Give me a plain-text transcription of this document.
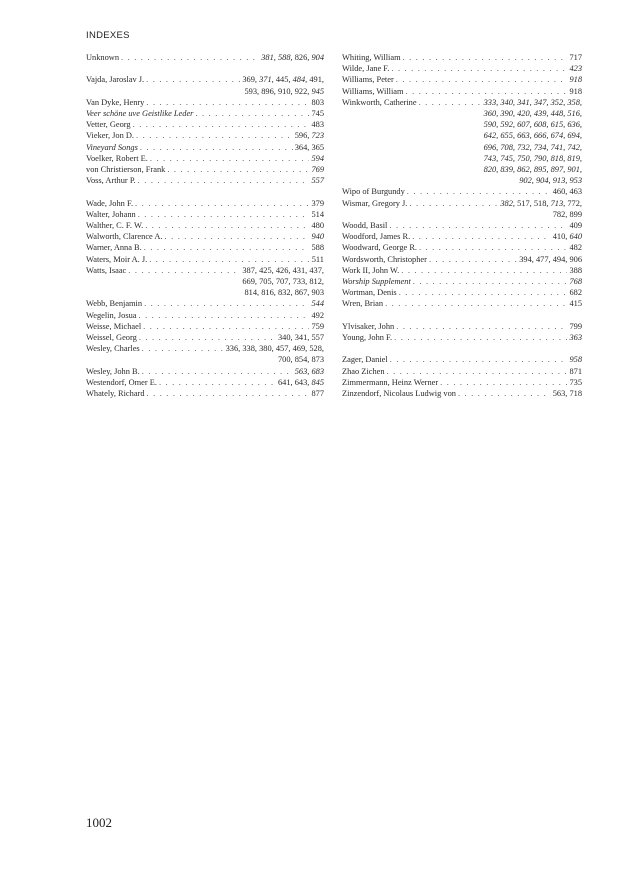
INDEXES
Unknown . . .	381, 588, 826, 904
Vajda, Jaroslav J. . . .	369, 371, 445, 484, 491,
593, 896, 910, 922, 945
Van Dyke, Henry . . .	803
Veer schöne uve Geistlike Leder . . .	745
Vetter, Georg . . .	483
Vieker, Jon D. . . .	596, 723
Vineyard Songs . . .	364, 365
Voelker, Robert E. . . .	594
von Christierson, Frank . . .	769
Voss, Arthur P. . . .	557
Wade, John F. . . .	379
Walter, Johann . . .	514
Walther, C. F. W. . . .	480
Walworth, Clarence A. . . .	940
Warner, Anna B. . . .	588
Waters, Moir A. J. . . .	511
Watts, Isaac . . .	387, 425, 426, 431, 437,
669, 705, 707, 733, 812,
814, 816, 832, 867, 903
Webb, Benjamin . . .	544
Wegelin, Josua . . .	492
Weisse, Michael . . .	759
Weissel, Georg . . .	340, 341, 557
Wesley, Charles . . .	336, 338, 380, 457, 469, 528,
700, 854, 873
Wesley, John B. . . .	563, 683
Westendorf, Omer E. . . .	641, 643, 845
Whately, Richard . . .	877
Whiting, William . . .	717
Wilde, Jane F. . . .	423
Williams, Peter . . .	918
Williams, William . . .	918
Winkworth, Catherine . . .	333, 340, 341, 347, 352, 358,
360, 390, 420, 439, 448, 516,
590, 592, 607, 608, 615, 636,
642, 655, 663, 666, 674, 694,
696, 708, 732, 734, 741, 742,
743, 745, 750, 790, 818, 819,
820, 839, 862, 895, 897, 901,
902, 904, 913, 953
Wipo of Burgundy . . .	460, 463
Wismar, Gregory J. . . .	382, 517, 518, 713, 772,
782, 899
Woodd, Basil . . .	409
Woodford, James R. . . .	410, 640
Woodward, George R. . . .	482
Wordsworth, Christopher . . .	394, 477, 494, 906
Work II, John W. . . .	388
Worship Supplement . . .	768
Wortman, Denis . . .	682
Wren, Brian . . .	415
Ylvisaker, John . . .	799
Young, John F. . . .	363
Zager, Daniel . . .	958
Zhao Zichen . . .	871
Zimmermann, Heinz Werner . . .	735
Zinzendorf, Nicolaus Ludwig von . . .	563, 718
1002
